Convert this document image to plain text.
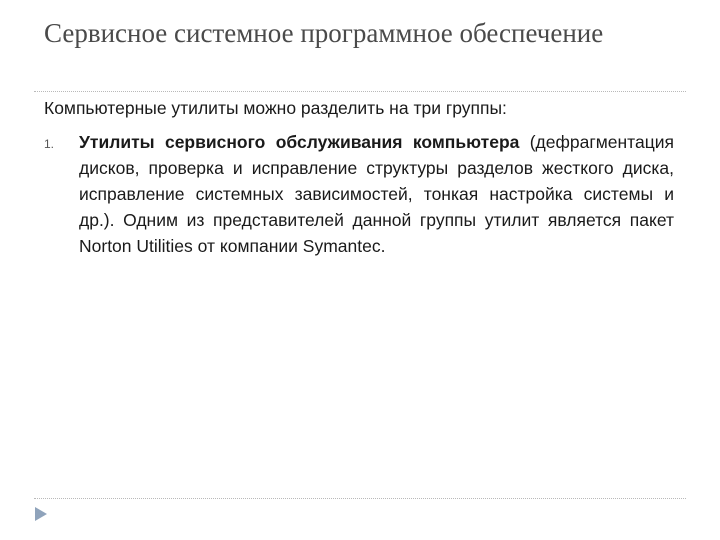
Сервисное системное программное обеспечение

Компьютерные утилиты можно разделить на три группы:

1. Утилиты сервисного обслуживания компьютера (дефрагментация дисков, проверка и исправление структуры разделов жесткого диска, исправление системных зависимостей, тонкая настройка системы и др.). Одним из представителей данной группы утилит является пакет Norton Utilities от компании Symantec.
